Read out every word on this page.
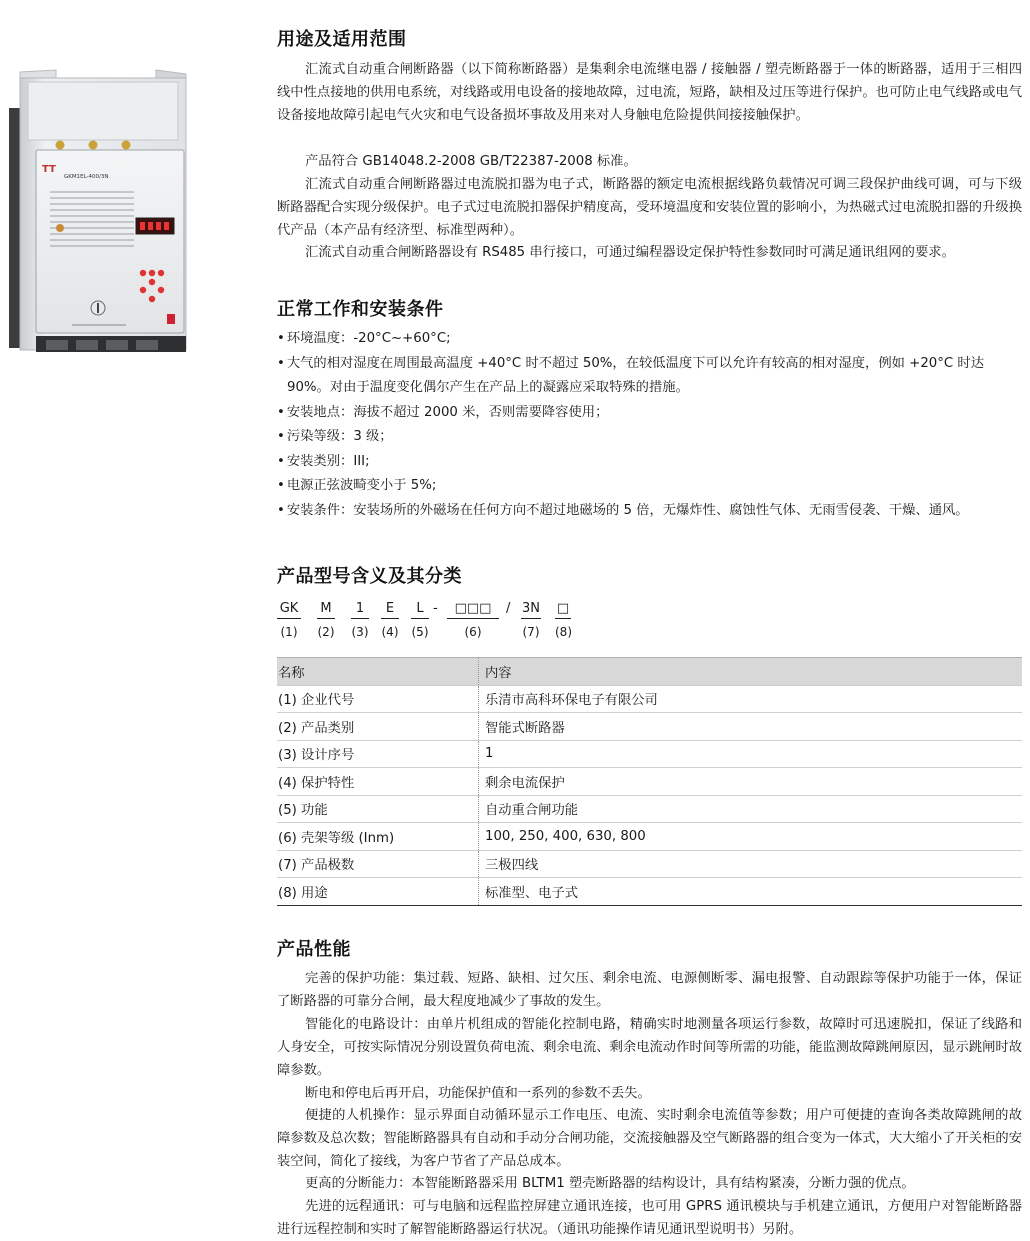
TT
GKM1EL-400/3N
用途及适用范围

汇流式自动重合闸断路器（以下简称断路器）是集剩余电流继电器 / 接触器 / 塑壳断路器于一体的断路器，适用于三相四线中性点接地的供用电系统，对线路或用电设备的接地故障，过电流，短路，缺相及过压等进行保护。也可防止电气线路或电气设备接地故障引起电气火灾和电气设备损坏事故及用来对人身触电危险提供间接接触保护。

产品符合 GB14048.2-2008 GB/T22387-2008 标准。

汇流式自动重合闸断路器过电流脱扣器为电子式，断路器的额定电流根据线路负载情况可调三段保护曲线可调，可与下级断路器配合实现分级保护。电子式过电流脱扣器保护精度高，受环境温度和安装位置的影响小，为热磁式过电流脱扣器的升级换代产品（本产品有经济型、标准型两种）。

汇流式自动重合闸断路器设有 RS485 串行接口，可通过编程器设定保护特性参数同时可满足通讯组网的要求。

正常工作和安装条件
• 环境温度：-20°C~+60°C;
• 大气的相对湿度在周围最高温度 +40°C 时不超过 50%，在较低温度下可以允许有较高的相对湿度，例如 +20°C 时达 90%。对由于温度变化偶尔产生在产品上的凝露应采取特殊的措施。
• 安装地点：海拔不超过 2000 米，否则需要降容使用；
• 污染等级：3 级；
• 安装类别：III;
• 电源正弦波畸变小于 5%;
• 安装条件：安装场所的外磁场在任何方向不超过地磁场的 5 倍，无爆炸性、腐蚀性气体、无雨雪侵袭、干燥、通风。
产品型号含义及其分类
GK
(1)
M
(2)
1
(3)
E
(4)
L
(5)
-	□□□
(6)
/ 3N
(7)
□
(8)
名称	内容
(1) 企业代号	乐清市高科环保电子有限公司
(2) 产品类别	智能式断路器
(3) 设计序号	1
(4) 保护特性	剩余电流保护
(5) 功能	自动重合闸功能
(6) 壳架等级 (Inm)	100, 250, 400, 630, 800
(7) 产品极数	三极四线
(8) 用途	标准型、电子式
产品性能

完善的保护功能：集过载、短路、缺相、过欠压、剩余电流、电源侧断零、漏电报警、自动跟踪等保护功能于一体，保证了断路器的可靠分合闸，最大程度地减少了事故的发生。

智能化的电路设计：由单片机组成的智能化控制电路，精确实时地测量各项运行参数，故障时可迅速脱扣，保证了线路和人身安全，可按实际情况分别设置负荷电流、剩余电流、剩余电流动作时间等所需的功能，能监测故障跳闸原因，显示跳闸时故障参数。

断电和停电后再开启，功能保护值和一系列的参数不丢失。

便捷的人机操作：显示界面自动循环显示工作电压、电流、实时剩余电流值等参数；用户可便捷的查询各类故障跳闸的故障参数及总次数；智能断路器具有自动和手动分合闸功能，交流接触器及空气断路器的组合变为一体式，大大缩小了开关柜的安装空间，简化了接线，为客户节省了产品总成本。

更高的分断能力：本智能断路器采用 BLTM1 塑壳断路器的结构设计，具有结构紧凑，分断力强的优点。

先进的远程通讯：可与电脑和远程监控屏建立通讯连接，也可用 GPRS 通讯模块与手机建立通讯，方便用户对智能断路器进行远程控制和实时了解智能断路器运行状况。（通讯功能操作请见通讯型说明书）另附。
